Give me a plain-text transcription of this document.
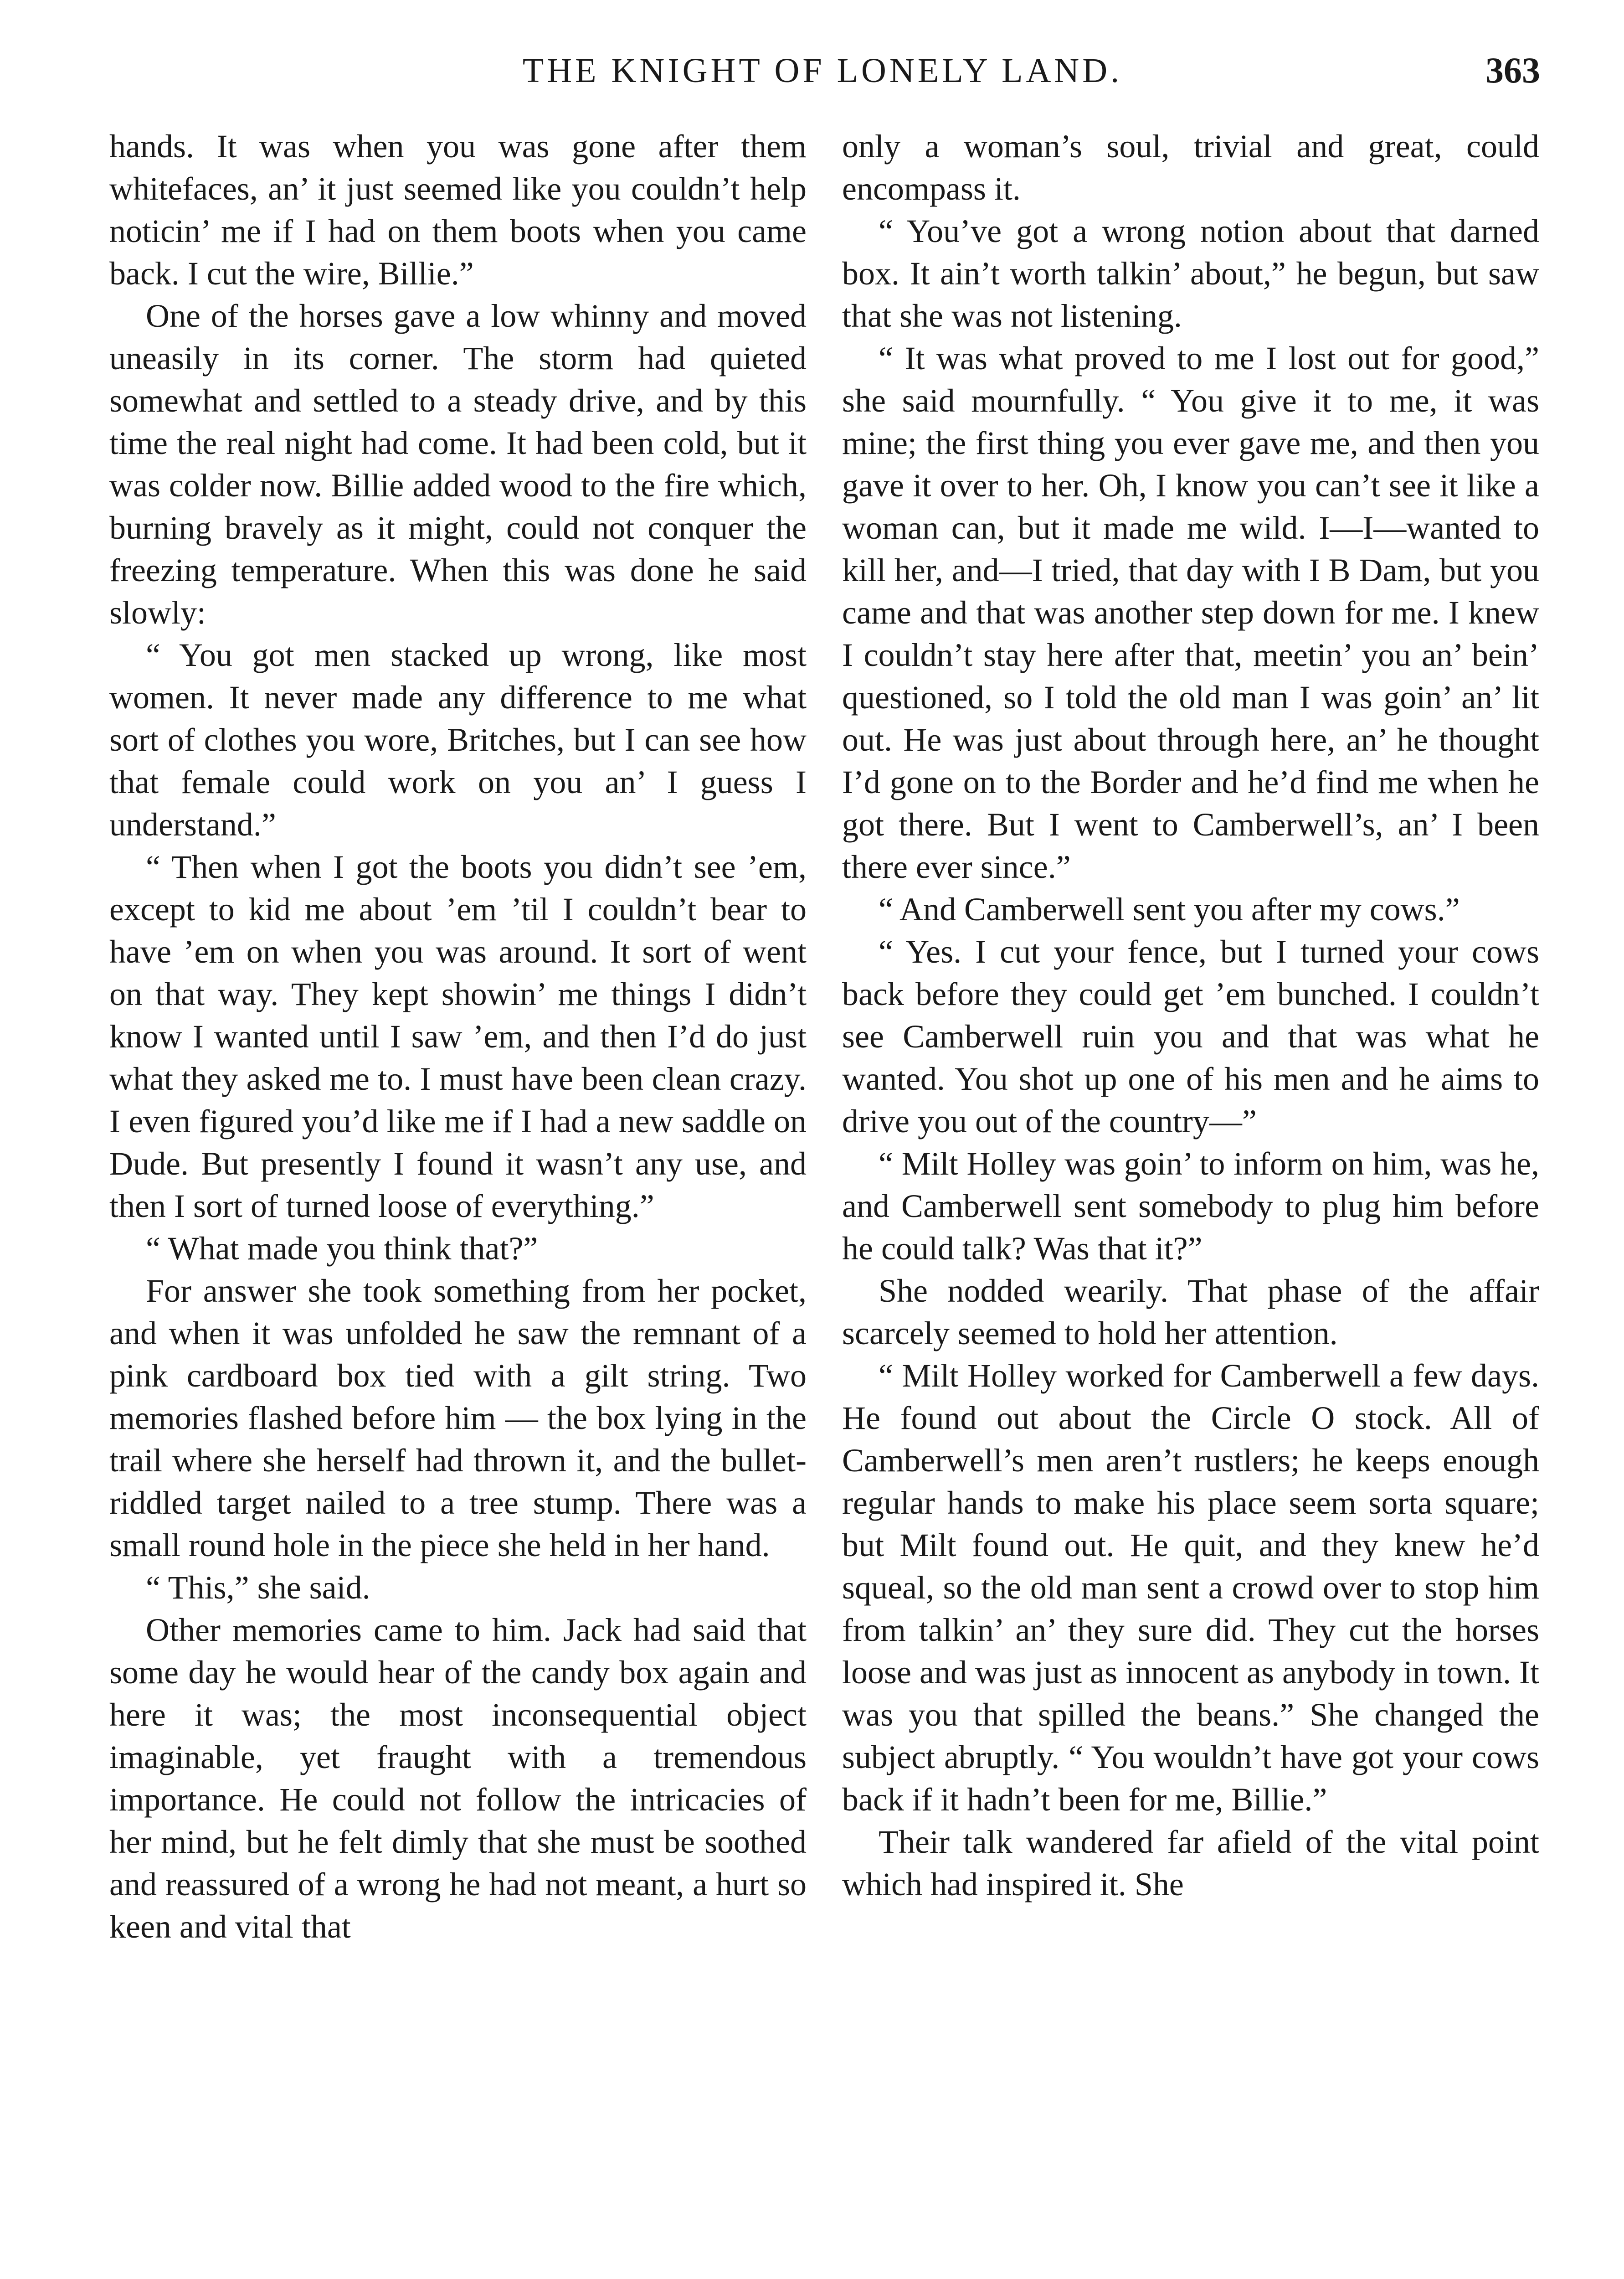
THE KNIGHT OF LONELY LAND.	363

hands. It was when you was gone after them whitefaces, an’ it just seemed like you couldn’t help noticin’ me if I had on them boots when you came back. I cut the wire, Billie.”

One of the horses gave a low whinny and moved uneasily in its corner. The storm had quieted somewhat and settled to a steady drive, and by this time the real night had come. It had been cold, but it was colder now. Billie added wood to the fire which, burning bravely as it might, could not conquer the freezing temperature. When this was done he said slowly:

“ You got men stacked up wrong, like most women. It never made any difference to me what sort of clothes you wore, Britches, but I can see how that female could work on you an’ I guess I understand.”

“ Then when I got the boots you didn’t see ’em, except to kid me about ’em ’til I couldn’t bear to have ’em on when you was around. It sort of went on that way. They kept showin’ me things I didn’t know I wanted until I saw ’em, and then I’d do just what they asked me to. I must have been clean crazy. I even figured you’d like me if I had a new saddle on Dude. But presently I found it wasn’t any use, and then I sort of turned loose of everything.”

“ What made you think that?”

For answer she took something from her pocket, and when it was unfolded he saw the remnant of a pink cardboard box tied with a gilt string. Two memories flashed before him — the box lying in the trail where she herself had thrown it, and the bullet-riddled target nailed to a tree stump. There was a small round hole in the piece she held in her hand.

“ This,” she said.

Other memories came to him. Jack had said that some day he would hear of the candy box again and here it was; the most inconsequential object imaginable, yet fraught with a tremendous importance. He could not follow the intricacies of her mind, but he felt dimly that she must be soothed and reassured of a wrong he had not meant, a hurt so keen and vital that

only a woman’s soul, trivial and great, could encompass it.

“ You’ve got a wrong notion about that darned box. It ain’t worth talkin’ about,” he begun, but saw that she was not listening.

“ It was what proved to me I lost out for good,” she said mournfully. “ You give it to me, it was mine; the first thing you ever gave me, and then you gave it over to her. Oh, I know you can’t see it like a woman can, but it made me wild. I—I—wanted to kill her, and—I tried, that day with I B Dam, but you came and that was another step down for me. I knew I couldn’t stay here after that, meetin’ you an’ bein’ questioned, so I told the old man I was goin’ an’ lit out. He was just about through here, an’ he thought I’d gone on to the Border and he’d find me when he got there. But I went to Camberwell’s, an’ I been there ever since.”

“ And Camberwell sent you after my cows.”

“ Yes. I cut your fence, but I turned your cows back before they could get ’em bunched. I couldn’t see Camberwell ruin you and that was what he wanted. You shot up one of his men and he aims to drive you out of the country—”

“ Milt Holley was goin’ to inform on him, was he, and Camberwell sent somebody to plug him before he could talk? Was that it?”

She nodded wearily. That phase of the affair scarcely seemed to hold her attention.

“ Milt Holley worked for Camberwell a few days. He found out about the Circle O stock. All of Camberwell’s men aren’t rustlers; he keeps enough regular hands to make his place seem sorta square; but Milt found out. He quit, and they knew he’d squeal, so the old man sent a crowd over to stop him from talkin’ an’ they sure did. They cut the horses loose and was just as innocent as anybody in town. It was you that spilled the beans.” She changed the subject abruptly. “ You wouldn’t have got your cows back if it hadn’t been for me, Billie.”

Their talk wandered far afield of the vital point which had inspired it. She
